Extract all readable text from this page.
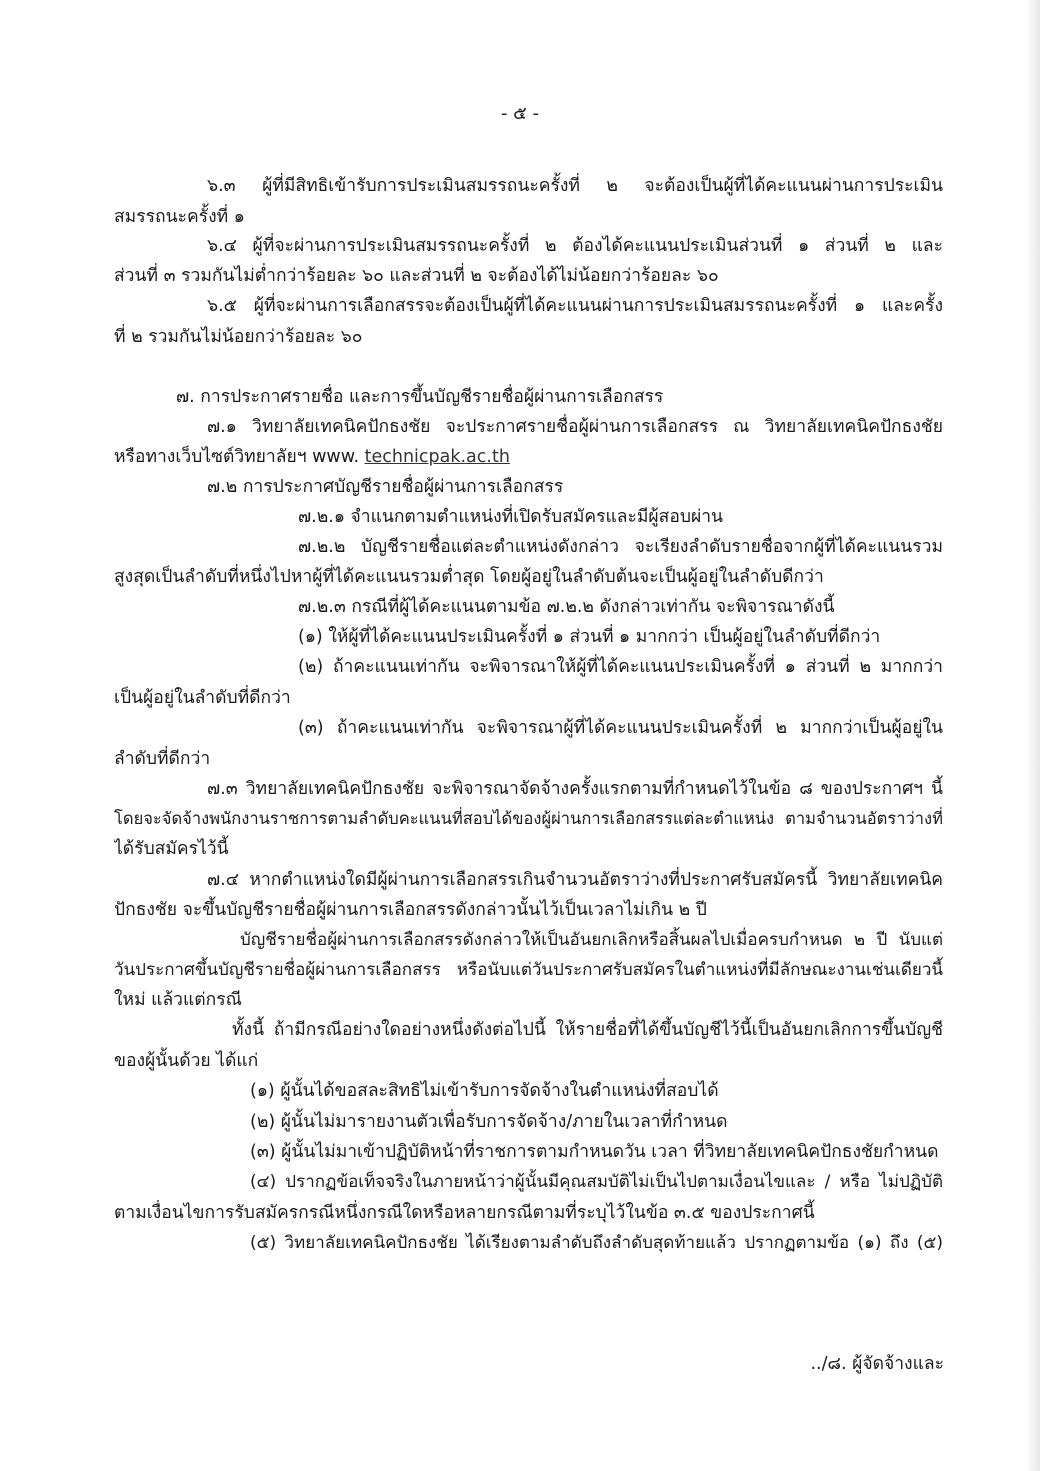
- ๕ -
๖.๓ ผู้ที่มีสิทธิเข้ารับการประเมินสมรรถนะครั้งที่ ๒ จะต้องเป็นผู้ที่ได้คะแนนผ่านการประเมิน
สมรรถนะครั้งที่ ๑
๖.๔ ผู้ที่จะผ่านการประเมินสมรรถนะครั้งที่ ๒ ต้องได้คะแนนประเมินส่วนที่ ๑ ส่วนที่ ๒ และ
ส่วนที่ ๓ รวมกันไม่ต่ำกว่าร้อยละ ๖๐ และส่วนที่ ๒ จะต้องได้ไม่น้อยกว่าร้อยละ ๖๐
๖.๕ ผู้ที่จะผ่านการเลือกสรรจะต้องเป็นผู้ที่ได้คะแนนผ่านการประเมินสมรรถนะครั้งที่ ๑ และครั้ง
ที่ ๒ รวมกันไม่น้อยกว่าร้อยละ ๖๐
๗. การประกาศรายชื่อ และการขึ้นบัญชีรายชื่อผู้ผ่านการเลือกสรร
๗.๑ วิทยาลัยเทคนิคปักธงชัย จะประกาศรายชื่อผู้ผ่านการเลือกสรร ณ วิทยาลัยเทคนิคปักธงชัย
หรือทางเว็บไซต์วิทยาลัยฯ www. technicpak.ac.th
๗.๒ การประกาศบัญชีรายชื่อผู้ผ่านการเลือกสรร
๗.๒.๑ จำแนกตามตำแหน่งที่เปิดรับสมัครและมีผู้สอบผ่าน
๗.๒.๒ บัญชีรายชื่อแต่ละตำแหน่งดังกล่าว จะเรียงลำดับรายชื่อจากผู้ที่ได้คะแนนรวม
สูงสุดเป็นลำดับที่หนึ่งไปหาผู้ที่ได้คะแนนรวมต่ำสุด โดยผู้อยู่ในลำดับต้นจะเป็นผู้อยู่ในลำดับดีกว่า
๗.๒.๓ กรณีที่ผู้ได้คะแนนตามข้อ ๗.๒.๒ ดังกล่าวเท่ากัน จะพิจารณาดังนี้
(๑) ให้ผู้ที่ได้คะแนนประเมินครั้งที่ ๑ ส่วนที่ ๑ มากกว่า เป็นผู้อยู่ในลำดับที่ดีกว่า
(๒) ถ้าคะแนนเท่ากัน จะพิจารณาให้ผู้ที่ได้คะแนนประเมินครั้งที่ ๑ ส่วนที่ ๒ มากกว่า
เป็นผู้อยู่ในลำดับที่ดีกว่า
(๓) ถ้าคะแนนเท่ากัน จะพิจารณาผู้ที่ได้คะแนนประเมินครั้งที่ ๒ มากกว่าเป็นผู้อยู่ใน
ลำดับที่ดีกว่า
๗.๓ วิทยาลัยเทคนิคปักธงชัย จะพิจารณาจัดจ้างครั้งแรกตามที่กำหนดไว้ในข้อ ๘ ของประกาศฯ นี้
โดยจะจัดจ้างพนักงานราชการตามลำดับคะแนนที่สอบได้ของผู้ผ่านการเลือกสรรแต่ละตำแหน่ง ตามจำนวนอัตราว่างที่
ได้รับสมัครไว้นี้
๗.๔ หากตำแหน่งใดมีผู้ผ่านการเลือกสรรเกินจำนวนอัตราว่างที่ประกาศรับสมัครนี้ วิทยาลัยเทคนิค
ปักธงชัย จะขึ้นบัญชีรายชื่อผู้ผ่านการเลือกสรรดังกล่าวนั้นไว้เป็นเวลาไม่เกิน ๒ ปี
บัญชีรายชื่อผู้ผ่านการเลือกสรรดังกล่าวให้เป็นอันยกเลิกหรือสิ้นผลไปเมื่อครบกำหนด ๒ ปี นับแต่
วันประกาศขึ้นบัญชีรายชื่อผู้ผ่านการเลือกสรร หรือนับแต่วันประกาศรับสมัครในตำแหน่งที่มีลักษณะงานเช่นเดียวนี้
ใหม่ แล้วแต่กรณี
ทั้งนี้ ถ้ามีกรณีอย่างใดอย่างหนึ่งดังต่อไปนี้ ให้รายชื่อที่ได้ขึ้นบัญชีไว้นี้เป็นอันยกเลิกการขึ้นบัญชี
ของผู้นั้นด้วย ได้แก่
(๑) ผู้นั้นได้ขอสละสิทธิไม่เข้ารับการจัดจ้างในตำแหน่งที่สอบได้
(๒) ผู้นั้นไม่มารายงานตัวเพื่อรับการจัดจ้าง/ภายในเวลาที่กำหนด
(๓) ผู้นั้นไม่มาเข้าปฏิบัติหน้าที่ราชการตามกำหนดวัน เวลา ที่วิทยาลัยเทคนิคปักธงชัยกำหนด
(๔) ปรากฏข้อเท็จจริงในภายหน้าว่าผู้นั้นมีคุณสมบัติไม่เป็นไปตามเงื่อนไขและ / หรือ ไม่ปฏิบัติ
ตามเงื่อนไขการรับสมัครกรณีหนึ่งกรณีใดหรือหลายกรณีตามที่ระบุไว้ในข้อ ๓.๕ ของประกาศนี้
(๕) วิทยาลัยเทคนิคปักธงชัย ได้เรียงตามลำดับถึงลำดับสุดท้ายแล้ว ปรากฏตามข้อ (๑) ถึง (๕)
../๘. ผู้จัดจ้างและ
